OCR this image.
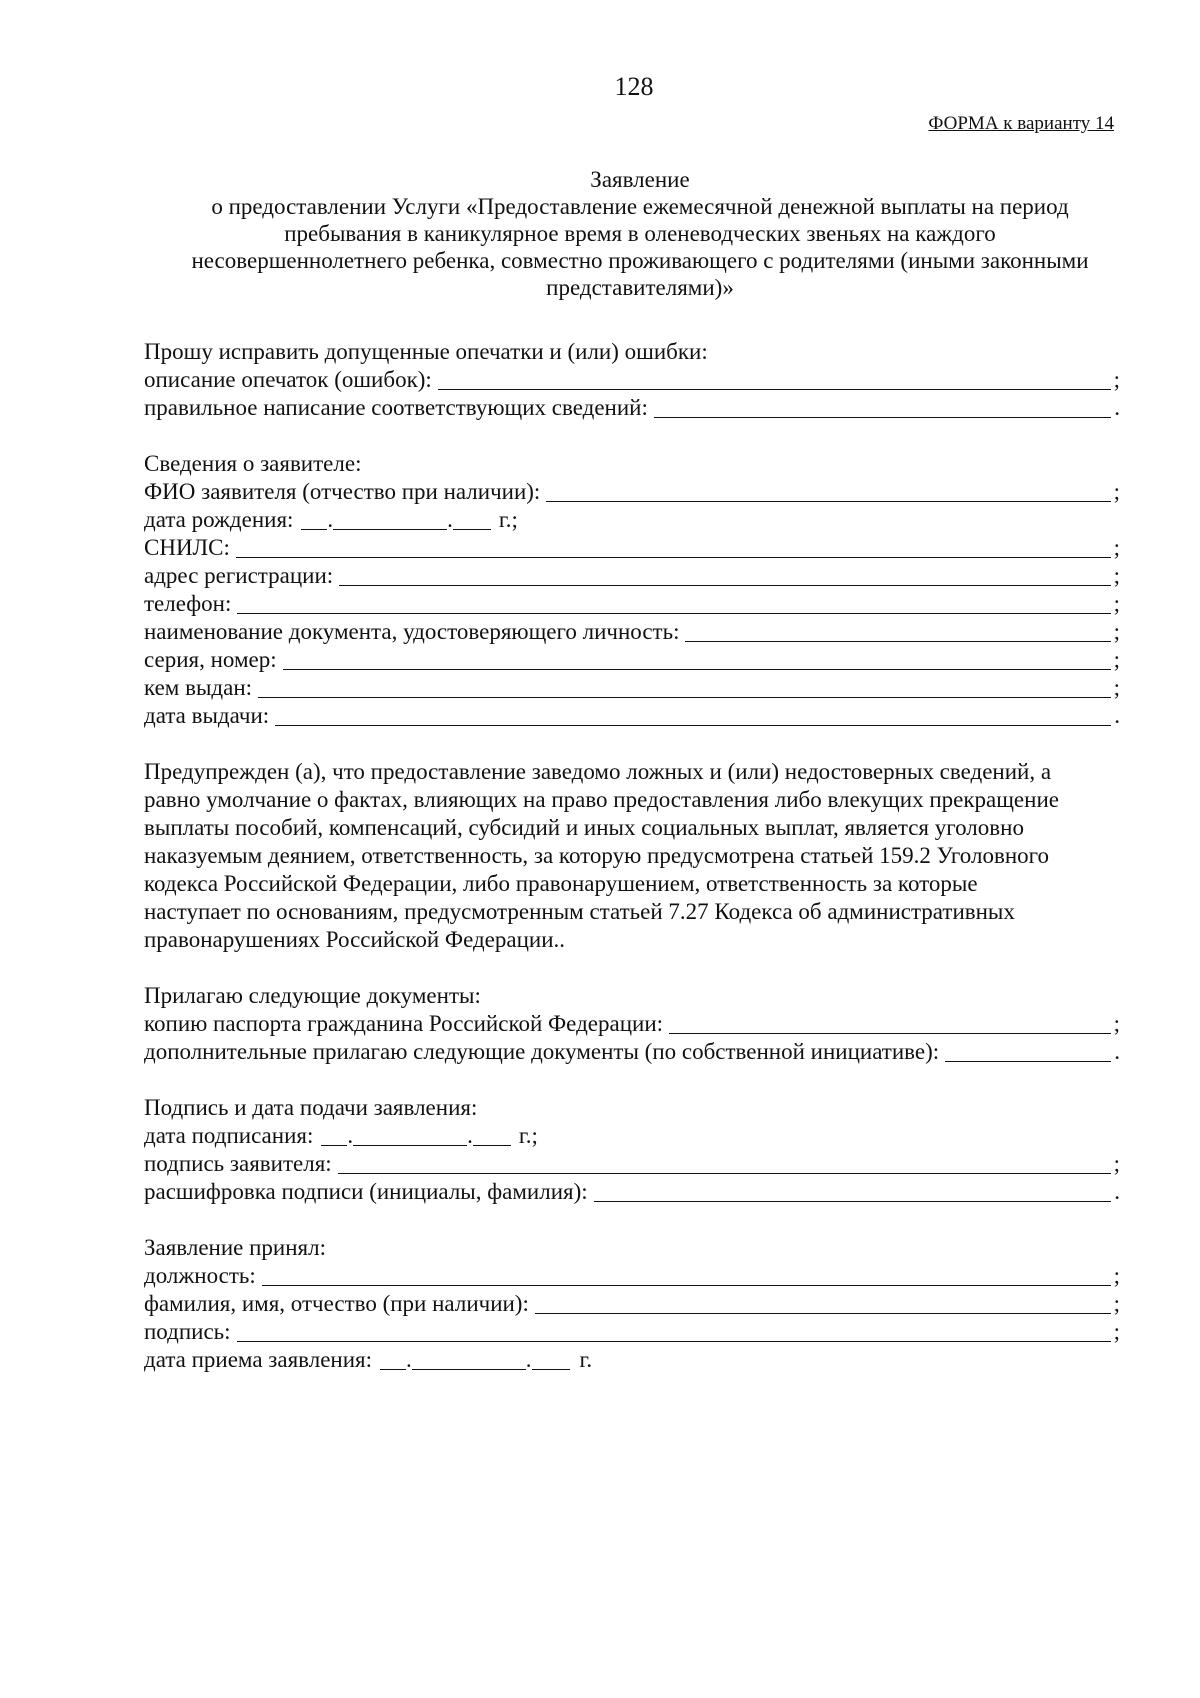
128
ФОРМА к варианту 14
Заявление
о предоставлении Услуги «Предоставление ежемесячной денежной выплаты на период
пребывания в каникулярное время в оленеводческих звеньях на каждого
несовершеннолетнего ребенка, совместно проживающего с родителями (иными законными
представителями)»
Прошу исправить допущенные опечатки и (или) ошибки:
описание опечаток (ошибок):	;
правильное написание соответствующих сведений:	.
Сведения о заявителе:
ФИО заявителя (отчество при наличии):	;
дата рождения: .	. г.;
СНИЛС:	;
адрес регистрации:	;
телефон:	;
наименование документа, удостоверяющего личность:	;
серия, номер:	;
кем выдан:	;
дата выдачи:	.
Предупрежден (а), что предоставление заведомо ложных и (или) недостоверных сведений, а
равно умолчание о фактах, влияющих на право предоставления либо влекущих прекращение
выплаты пособий, компенсаций, субсидий и иных социальных выплат, является уголовно
наказуемым деянием, ответственность, за которую предусмотрена статьей 159.2 Уголовного
кодекса Российской Федерации, либо правонарушением, ответственность за которые
наступает по основаниям, предусмотренным статьей 7.27 Кодекса об административных
правонарушениях Российской Федерации..
Прилагаю следующие документы:
копию паспорта гражданина Российской Федерации:	;
дополнительные прилагаю следующие документы (по собственной инициативе):	.
Подпись и дата подачи заявления:
дата подписания: .	. г.;
подпись заявителя:	;
расшифровка подписи (инициалы, фамилия):	.
Заявление принял:
должность:	;
фамилия, имя, отчество (при наличии):	;
подпись:	;
дата приема заявления: .	. г.
